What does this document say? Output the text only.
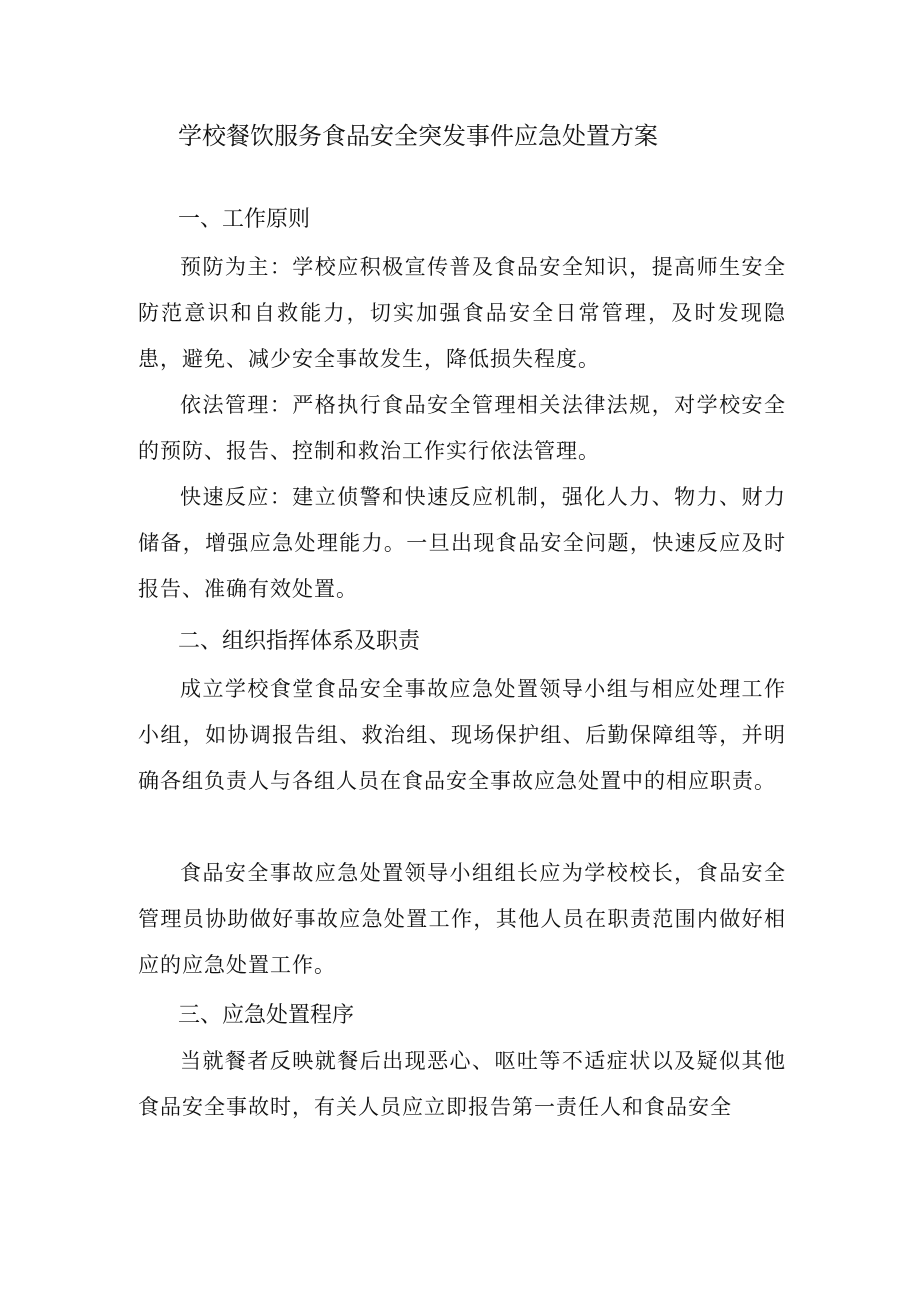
学校餐饮服务食品安全突发事件应急处置方案
一、工作原则

预防为主：学校应积极宣传普及食品安全知识，提高师生安全防范意识和自救能力，切实加强食品安全日常管理，及时发现隐患，避免、减少安全事故发生，降低损失程度。

依法管理：严格执行食品安全管理相关法律法规，对学校安全的预防、报告、控制和救治工作实行依法管理。

快速反应：建立侦警和快速反应机制，强化人力、物力、财力储备，增强应急处理能力。一旦出现食品安全问题，快速反应及时报告、准确有效处置。

二、组织指挥体系及职责

成立学校食堂食品安全事故应急处置领导小组与相应处理工作小组，如协调报告组、救治组、现场保护组、后勤保障组等，并明确各组负责人与各组人员在食品安全事故应急处置中的相应职责。

食品安全事故应急处置领导小组组长应为学校校长，食品安全管理员协助做好事故应急处置工作，其他人员在职责范围内做好相应的应急处置工作。

三、应急处置程序

当就餐者反映就餐后出现恶心、呕吐等不适症状以及疑似其他食品安全事故时，有关人员应立即报告第一责任人和食品安全
